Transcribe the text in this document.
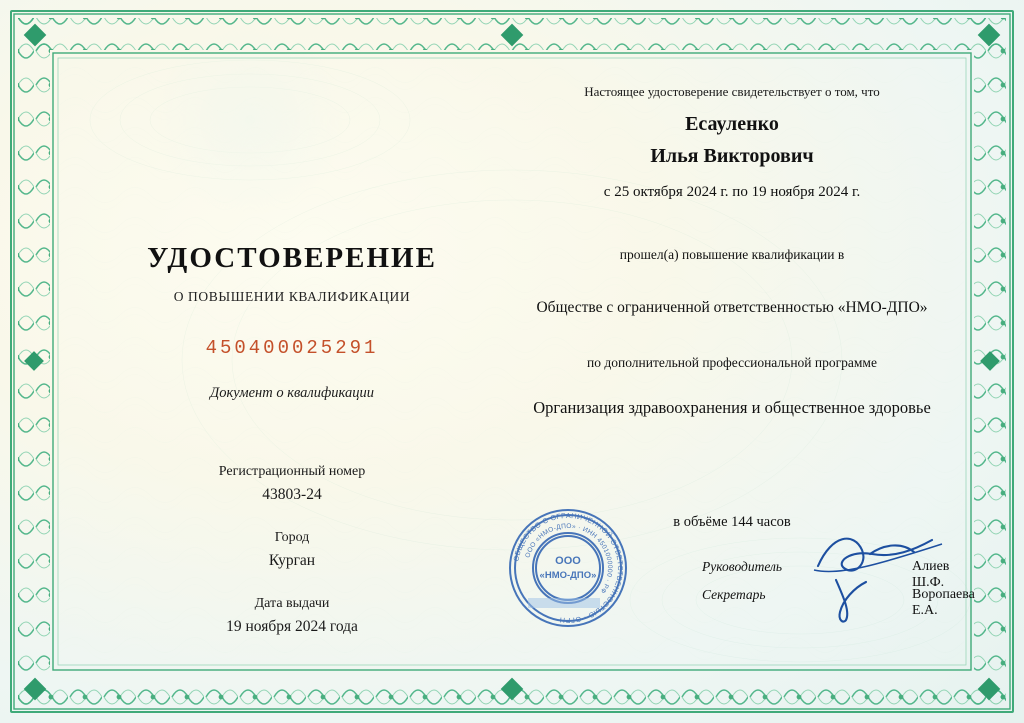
УДОСТОВЕРЕНИЕ
О ПОВЫШЕНИИ КВАЛИФИКАЦИИ
450400025291
Документ о квалификации
Регистрационный номер
43803-24
Город
Курган
Дата выдачи
19 ноября 2024 года
Настоящее удостоверение свидетельствует о том, что
Есауленко
Илья Викторович
с 25 октября 2024 г. по 19 ноября 2024 г.
прошел(а) повышение квалификации в
Обществе с ограниченной ответственностью «НМО-ДПО»
по дополнительной профессиональной программе
Организация здравоохранения и общественное здоровье
в объёме 144 часов
ОБЩЕСТВО С ОГРАНИЧЕННОЙ ОТВЕТСТВЕННОСТЬЮ · ОГРН
ООО «НМО-ДПО» · ИНН 4501000000 · РФ
ООО
«НМО-ДПО»
Руководитель
Секретарь
Алиев Ш.Ф.
Воропаева Е.А.
